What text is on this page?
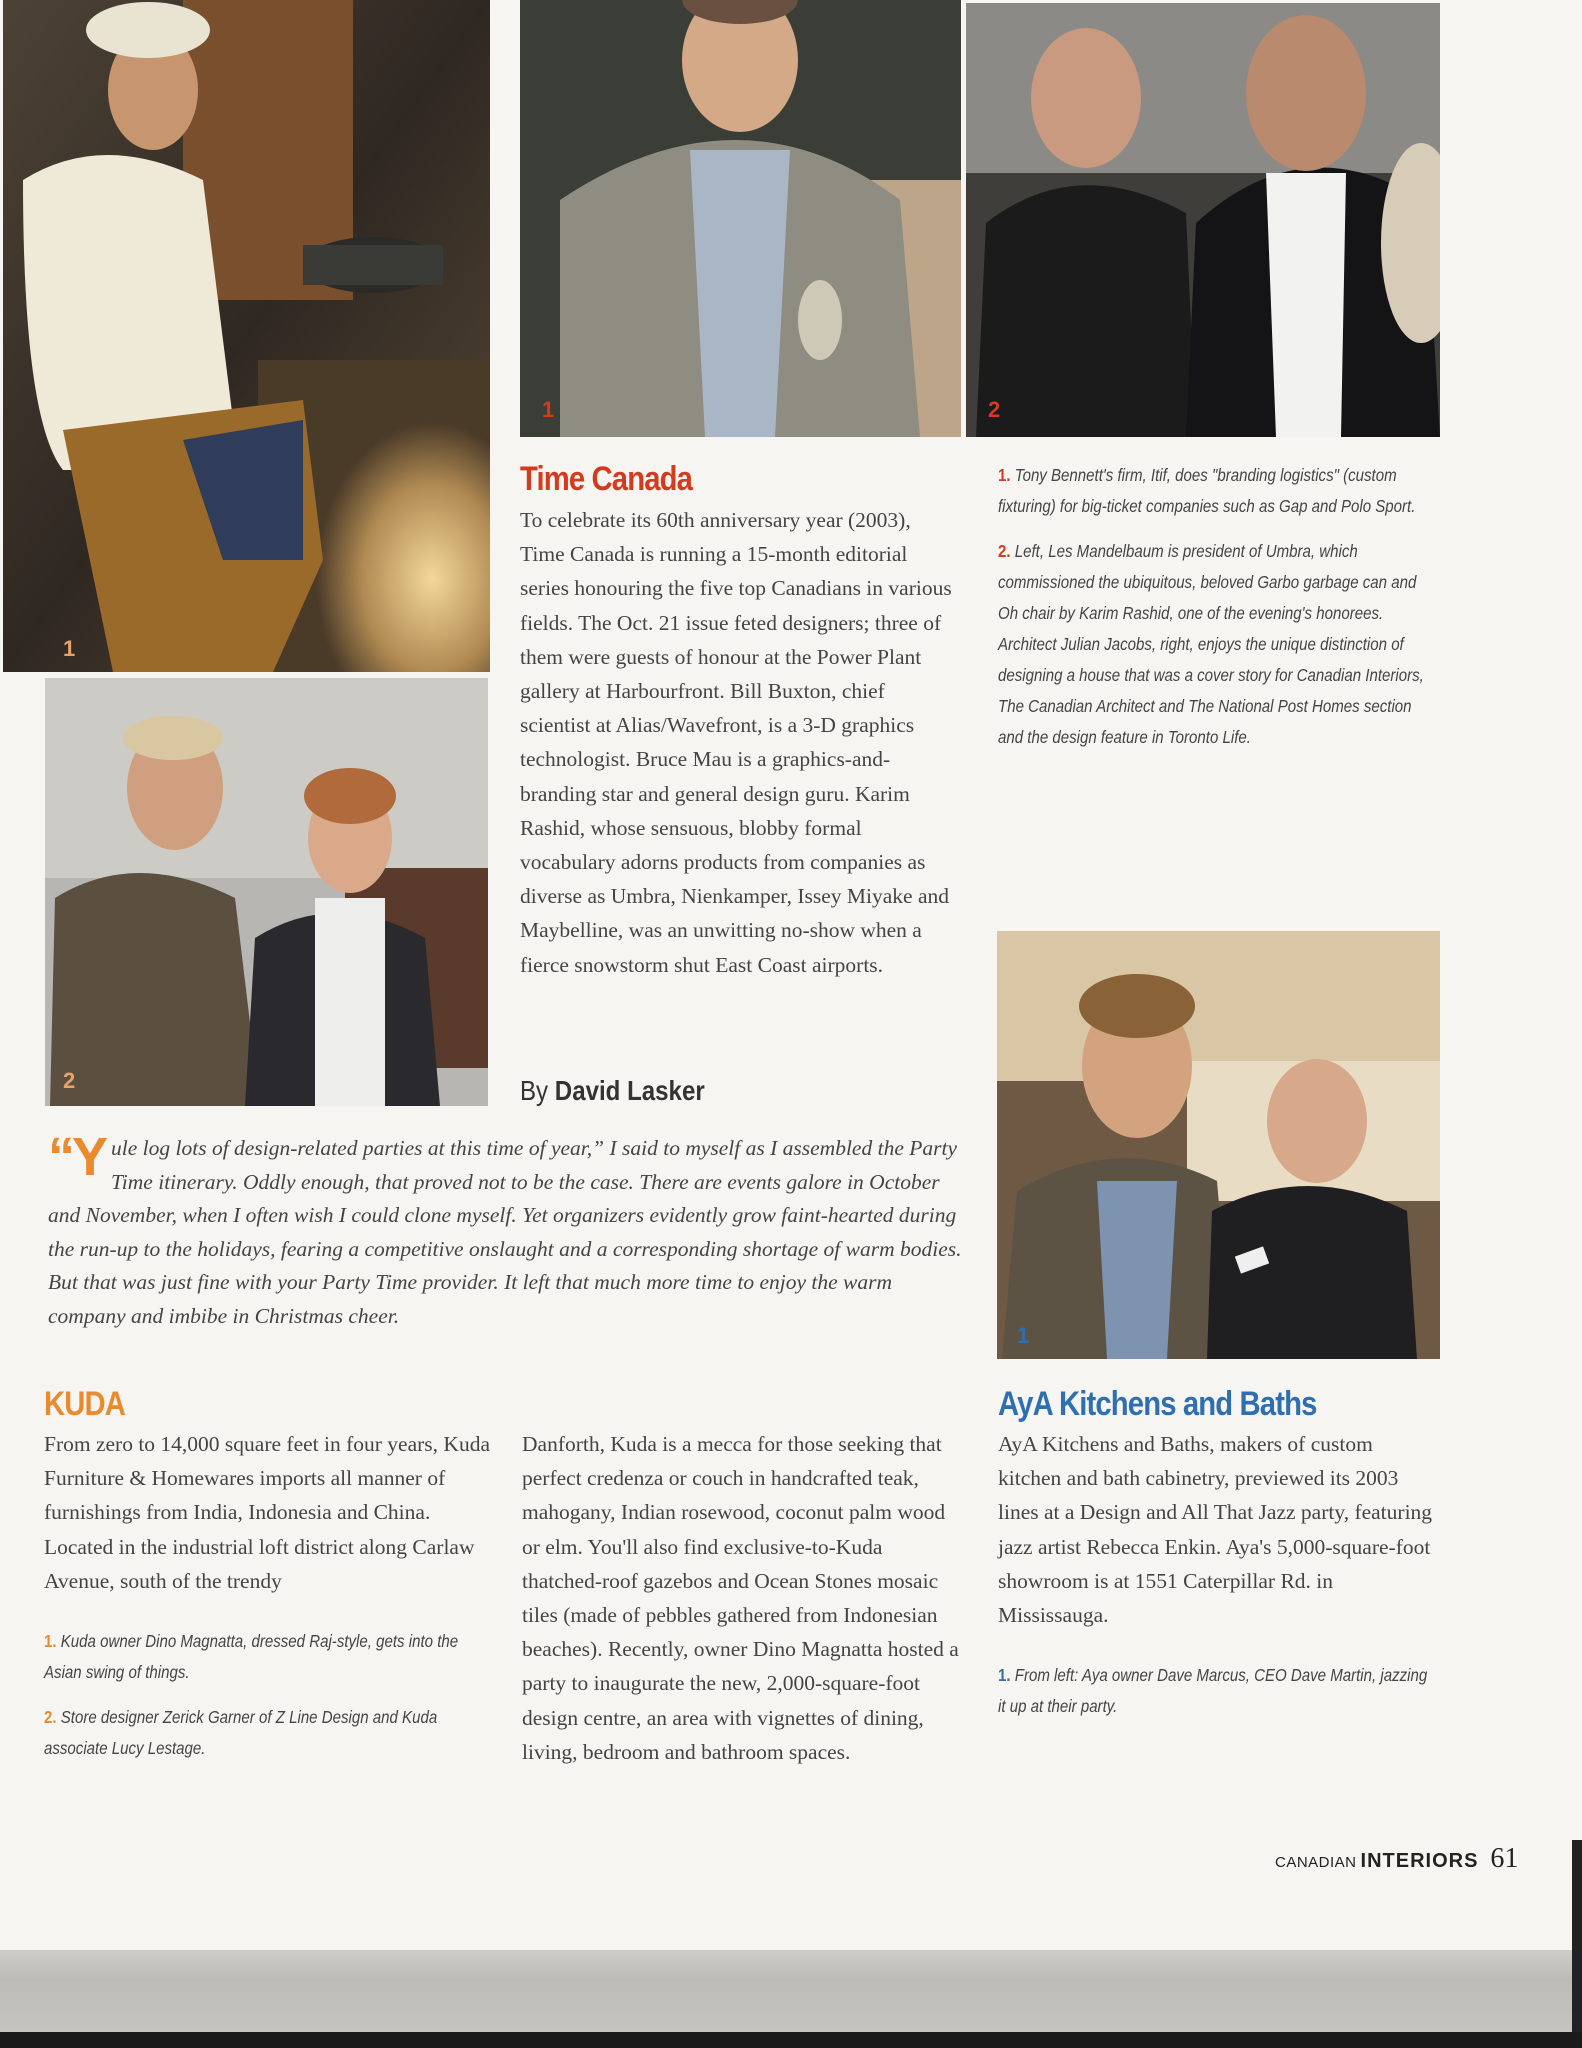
1
2
1	2
1
Time Canada
To celebrate its 60th anniversary year (2003), Time Canada is running a 15-month editorial series honouring the five top Canadians in various fields. The Oct. 21 issue feted designers; three of them were guests of honour at the Power Plant gallery at Harbourfront. Bill Buxton, chief scientist at Alias/Wavefront, is a 3-D graphics technologist. Bruce Mau is a graphics-and-branding star and general design guru. Karim Rashid, whose sensuous, blobby formal vocabulary adorns products from companies as diverse as Umbra, Nienkamper, Issey Miyake and Maybelline, was an unwitting no-show when a fierce snowstorm shut East Coast airports.

1. Tony Bennett's firm, Itif, does "branding logistics" (custom fixturing) for big-ticket companies such as Gap and Polo Sport.

2. Left, Les Mandelbaum is president of Umbra, which commissioned the ubiquitous, beloved Garbo garbage can and Oh chair by Karim Rashid, one of the evening's honorees. Architect Julian Jacobs, right, enjoys the unique distinction of designing a house that was a cover story for Canadian Interiors, The Canadian Architect and The National Post Homes section and the design feature in Toronto Life.

By David Lasker
“Yule log lots of design-related parties at this time of year,” I said to myself as I assembled the Party Time itinerary. Oddly enough, that proved not to be the case. There are events galore in October and November, when I often wish I could clone myself. Yet organizers evidently grow faint-hearted during the run-up to the holidays, fearing a competitive onslaught and a corresponding shortage of warm bodies. But that was just fine with your Party Time provider. It left that much more time to enjoy the warm company and imbibe in Christmas cheer.
KUDA
From zero to 14,000 square feet in four years, Kuda Furniture & Homewares imports all manner of furnishings from India, Indonesia and China. Located in the industrial loft district along Carlaw Avenue, south of the trendy
Danforth, Kuda is a mecca for those seeking that perfect credenza or couch in handcrafted teak, mahogany, Indian rosewood, coconut palm wood or elm. You'll also find exclusive-to-Kuda thatched-roof gazebos and Ocean Stones mosaic tiles (made of pebbles gathered from Indonesian beaches). Recently, owner Dino Magnatta hosted a party to inaugurate the new, 2,000-square-foot design centre, an area with vignettes of dining, living, bedroom and bathroom spaces.

1. Kuda owner Dino Magnatta, dressed Raj-style, gets into the Asian swing of things.

2. Store designer Zerick Garner of Z Line Design and Kuda associate Lucy Lestage.

AyA Kitchens and Baths
AyA Kitchens and Baths, makers of custom kitchen and bath cabinetry, previewed its 2003 lines at a Design and All That Jazz party, featuring jazz artist Rebecca Enkin. Aya's 5,000-square-foot showroom is at 1551 Caterpillar Rd. in Mississauga.

1. From left: Aya owner Dave Marcus, CEO Dave Martin, jazzing it up at their party.

CANADIAN INTERIORS 61
